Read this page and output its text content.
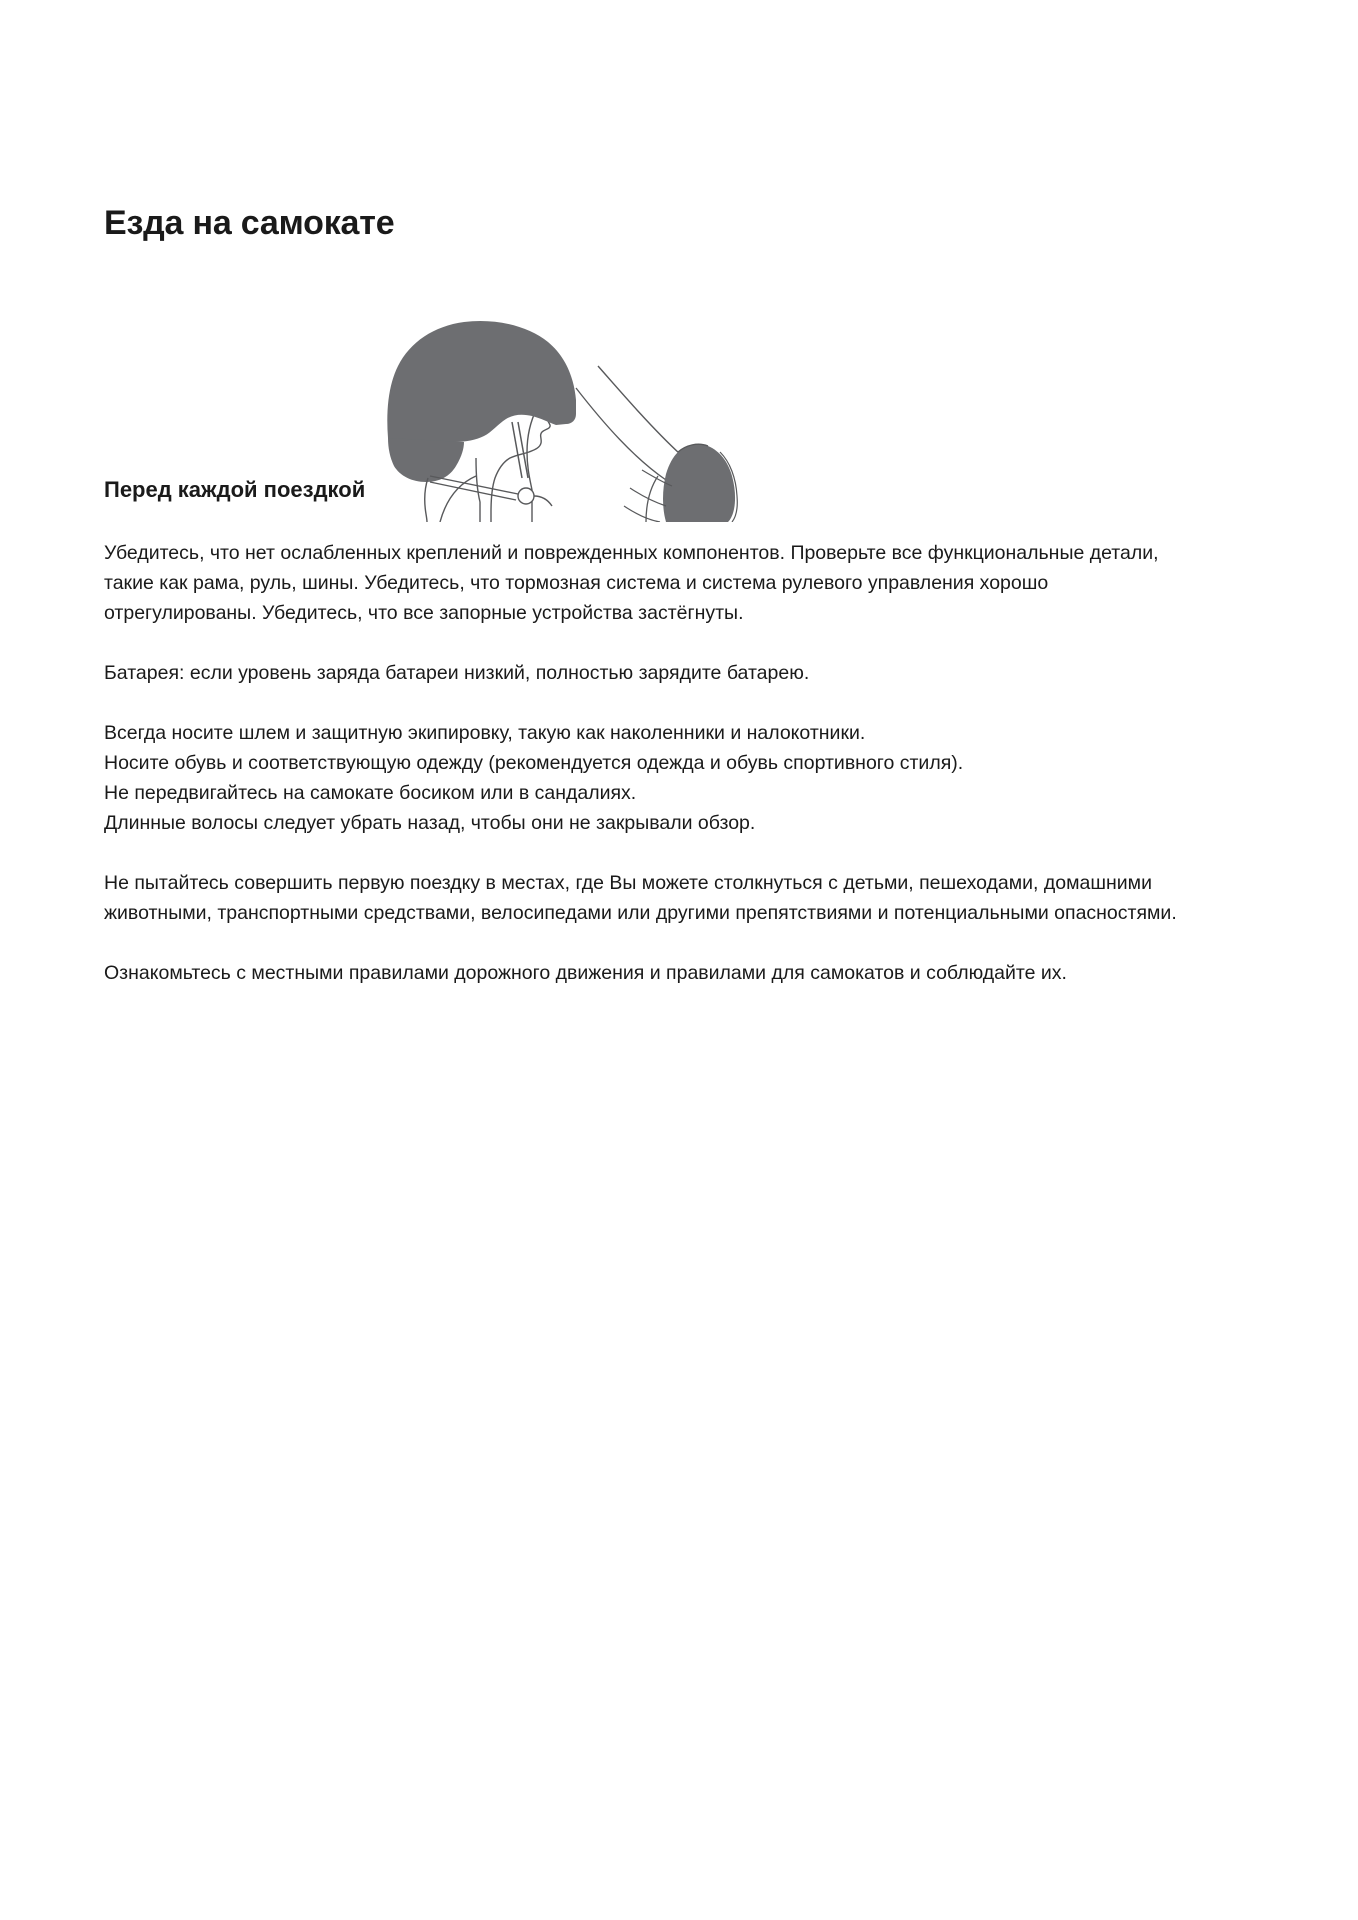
Езда на самокате
Перед каждой поездкой

Убедитесь, что нет ослабленных креплений и поврежденных компонентов. Проверьте все функциональные детали, такие как рама, руль, шины. Убедитесь, что тормозная система и система рулевого управления хорошо отрегулированы. Убедитесь, что все запорные устройства застёгнуты.

Батарея: если уровень заряда батареи низкий, полностью зарядите батарею.

Всегда носите шлем и защитную экипировку, такую как наколенники и налокотники.
Носите обувь и соответствующую одежду (рекомендуется одежда и обувь спортивного стиля).
Не передвигайтесь на самокате босиком или в сандалиях.
Длинные волосы следует убрать назад, чтобы они не закрывали обзор.

Не пытайтесь совершить первую поездку в местах, где Вы можете столкнуться с детьми, пешеходами, домашними животными, транспортными средствами, велосипедами или другими препятствиями и потенциальными опасностями.

Ознакомьтесь с местными правилами дорожного движения и правилами для самокатов и соблюдайте их.
